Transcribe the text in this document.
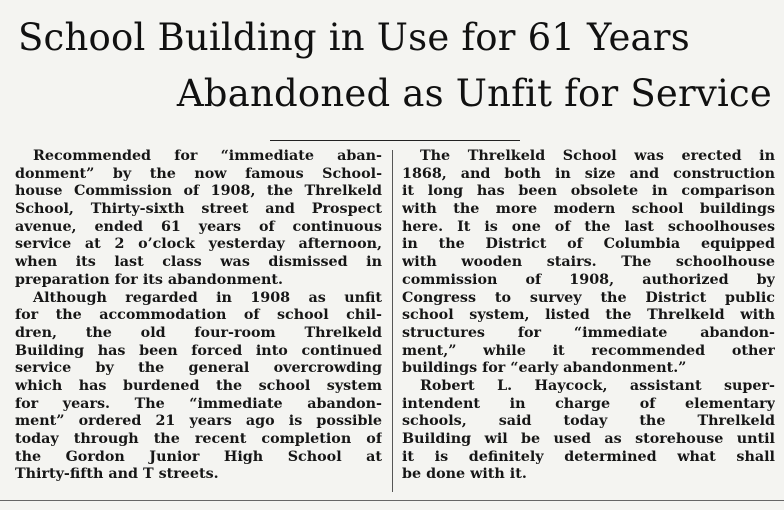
School Building in Use for 61 Years
Abandoned as Unfit for Service
Recommended for “immediate aban-
donment” by the now famous School-
house Commission of 1908, the Threlkeld
School, Thirty-sixth street and Prospect
avenue, ended 61 years of continuous
service at 2 o’clock yesterday afternoon,
when its last class was dismissed in
preparation for its abandonment.
Although regarded in 1908 as unfit
for the accommodation of school chil-
dren, the old four-room Threlkeld
Building has been forced into continued
service by the general overcrowding
which has burdened the school system
for years. The “immediate abandon-
ment” ordered 21 years ago is possible
today through the recent completion of
the Gordon Junior High School at
Thirty-fifth and T streets.
The Threlkeld School was erected in
1868, and both in size and construction
it long has been obsolete in comparison
with the more modern school buildings
here. It is one of the last schoolhouses
in the District of Columbia equipped
with wooden stairs. The schoolhouse
commission of 1908, authorized by
Congress to survey the District public
school system, listed the Threlkeld with
structures for “immediate abandon-
ment,” while it recommended other
buildings for “early abandonment.”
Robert L. Haycock, assistant super-
intendent in charge of elementary
schools, said today the Threlkeld
Building wil be used as storehouse until
it is definitely determined what shall
be done with it.
